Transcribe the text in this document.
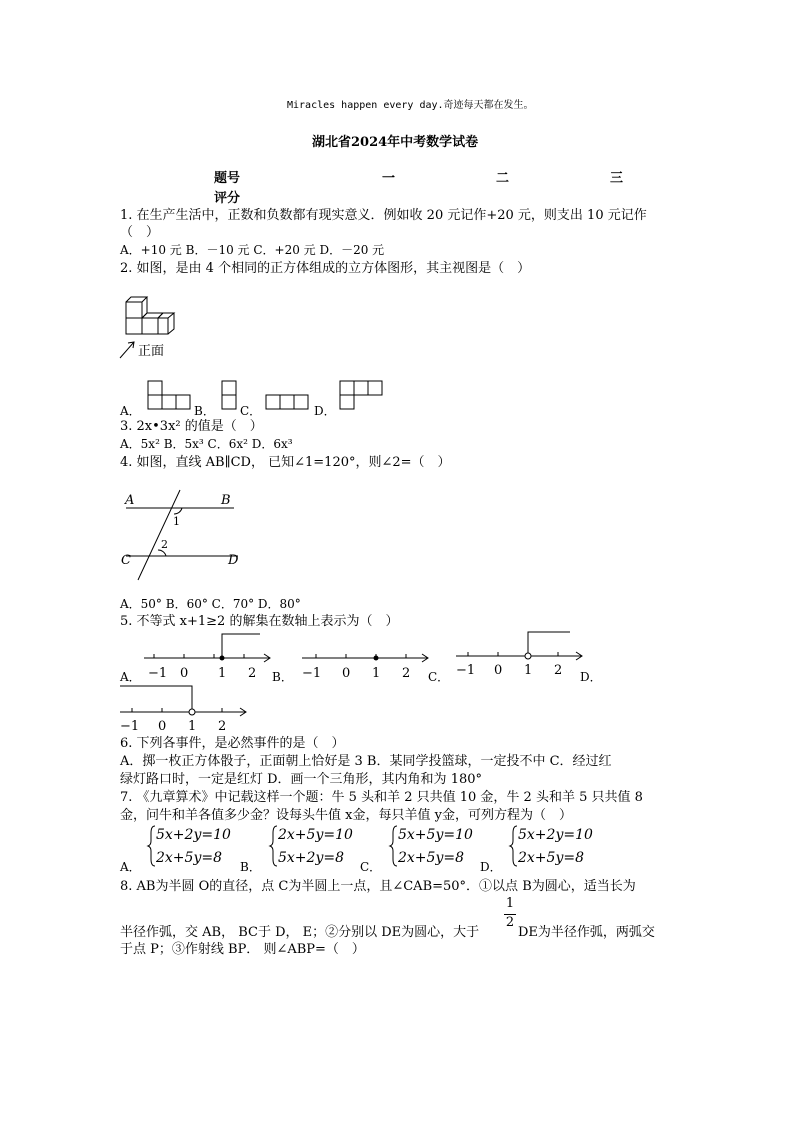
Miracles happen every day.奇迹每天都在发生。
湖北省2024年中考数学试卷
题号	一	二	三
评分
1. 在生产生活中，正数和负数都有现实意义．例如收 20 元记作+20 元，则支出 10 元记作
（　）
A．+10 元 B．－10 元 C．+20 元 D．－20 元
2. 如图，是由 4 个相同的正方体组成的立方体图形，其主视图是（　）
正面
A．	B． C．	D．
3. 2x•3x² 的值是（　）
A．5x² B．5x³ C．6x² D．6x³
4. 如图，直线 AB∥CD， 已知∠1=120°，则∠2=（　）
A	B
C	D
1
2
A．50° B．60° C．70° D．80°
5. 不等式 x+1≥2 的解集在数轴上表示为（　）
A． −1 0 1 2 B． −1 0 1 2 C． −1 0 1 2 D．
−1 0 1 2
6. 下列各事件，是必然事件的是（　）
A．掷一枚正方体骰子，正面朝上恰好是 3 B．某同学投篮球，一定投不中 C．经过红
绿灯路口时，一定是红灯 D．画一个三角形，其内角和为 180°
7. 《九章算术》中记载这样一个题：牛 5 头和羊 2 只共值 10 金，牛 2 头和羊 5 只共值 8
金，问牛和羊各值多少金？设每头牛值 x金，每只羊值 y金，可列方程为（　）
A．
5x+2y=10
2x+5y=8
B．
2x+5y=10
5x+2y=8
C．
5x+5y=10
2x+5y=8
D．
5x+2y=10
2x+5y=8
8. AB为半圆 O的直径，点 C为半圆上一点，且∠CAB=50°．①以点 B为圆心，适当长为
半径作弧，交 AB， BC于 D， E；②分别以 DE为圆心，大于
$\frac{1}{2}$
DE为半径作弧，两弧交
于点 P；③作射线 BP． 则∠ABP=（　）
